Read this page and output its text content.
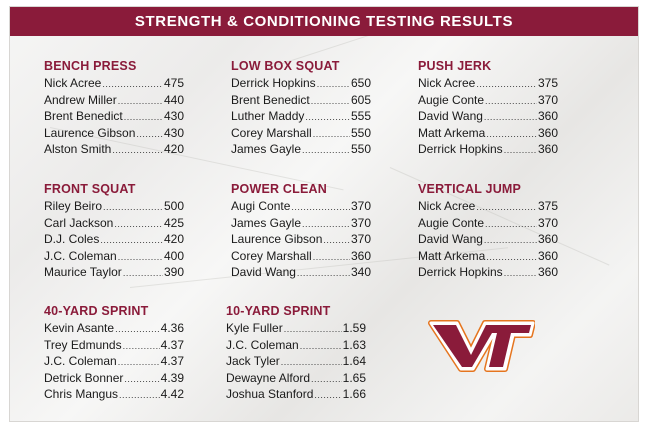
STRENGTH & CONDITIONING TESTING RESULTS
BENCH PRESS
Nick Acree .....	475
Andrew Miller .....	440
Brent Benedict .....	430
Laurence Gibson ..... 430
Alston Smith .....	420
LOW BOX SQUAT
Derrick Hopkins .....	650
Brent Benedict .....	605
Luther Maddy .....	555
Corey Marshall .....	550
James Gayle .....	550
PUSH JERK
Nick Acree .....	375
Augie Conte .....	370
David Wang .....	360
Matt Arkema .....	360
Derrick Hopkins .....	360
FRONT SQUAT
Riley Beiro .....	500
Carl Jackson .....	425
D.J. Coles .....	420
J.C. Coleman .....	400
Maurice Taylor .....	390
POWER CLEAN
Augi Conte .....	370
James Gayle .....	370
Laurence Gibson ..... 370
Corey Marshall .....	360
David Wang .....	340
VERTICAL JUMP
Nick Acree .....	375
Augie Conte .....	370
David Wang .....	360
Matt Arkema .....	360
Derrick Hopkins .....	360
40-YARD SPRINT
Kevin Asante .....	4.36
Trey Edmunds .....	4.37
J.C. Coleman .....	4.37
Detrick Bonner .....	4.39
Chris Mangus .....	4.42
10-YARD SPRINT
Kyle Fuller .....	1.59
J.C. Coleman .....	1.63
Jack Tyler .....	1.64
Dewayne Alford .....	1.65
Joshua Stanford ..... 1.66
